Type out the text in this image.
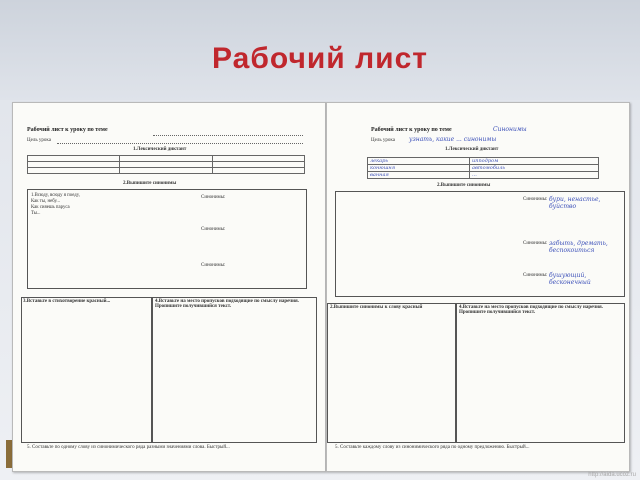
Рабочий лист
Рабочий лист к уроку по теме
Цель урока
1.Лексический диктант

2.Выпишите синонимы
1.Всюду, всюду я поеду,
Как ты, небу...
Как сияешь паруса
Ты...
Синонимы:
Синонимы:
Синонимы:
3.Вставьте в стихотворение красный...	4.Вставьте на место пропусков подходящие по смыслу наречия. Пропишите получившийся текст.
5. Составьте по одному слову из синонимического ряда разными значениями слова. Быстрый...
Рабочий лист к уроку по теме	Синонимы
Цель урока узнать, какие ... синонимы
1.Лексический диктант
лекарь	ипподром
конюшня	автомобиль
ванная	...
2.Выпишите синонимы
Синонимы: бури, ненастье, буйство
Синонимы: забыть, дремать, беспокоиться
Синонимы: бушующий, бесконечный
2.Выпишите синонимы к слову красный	4.Вставьте на место пропусков подходящие по смыслу наречия. Пропишите получившийся текст.
5. Составьте каждому слову из синонимического ряда по одному предложению. Быстрый...
http://aida.ucoz.ru
